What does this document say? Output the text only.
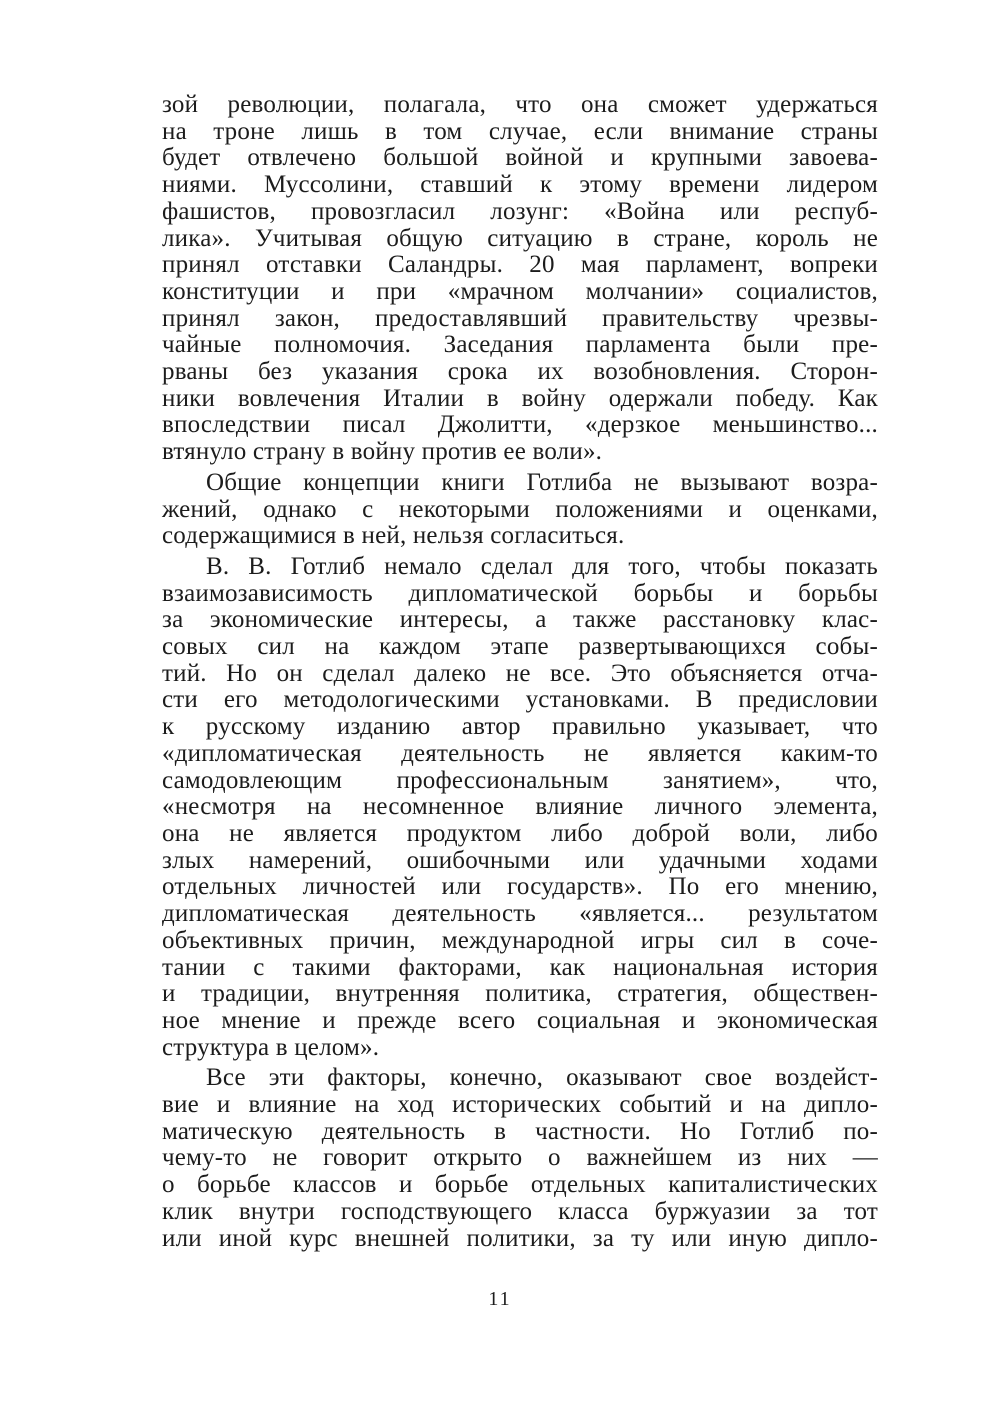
зой революции, полагала, что она сможет удержаться
на троне лишь в том случае, если внимание страны
будет отвлечено большой войной и крупными завоева-
ниями. Муссолини, ставший к этому времени лидером
фашистов, провозгласил лозунг: «Война или респуб-
лика». Учитывая общую ситуацию в стране, король не
принял отставки Саландры. 20 мая парламент, вопреки
конституции и при «мрачном молчании» социалистов,
принял закон, предоставлявший правительству чрезвы-
чайные полномочия. Заседания парламента были пре-
рваны без указания срока их возобновления. Сторон-
ники вовлечения Италии в войну одержали победу. Как
впоследствии писал Джолитти, «дерзкое меньшинство...
втянуло страну в войну против ее воли».
Общие концепции книги Готлиба не вызывают возра-
жений, однако с некоторыми положениями и оценками,
содержащимися в ней, нельзя согласиться.
В. В. Готлиб немало сделал для того, чтобы показать
взаимозависимость дипломатической борьбы и борьбы
за экономические интересы, а также расстановку клас-
совых сил на каждом этапе развертывающихся собы-
тий. Но он сделал далеко не все. Это объясняется отча-
сти его методологическими установками. В предисловии
к русскому изданию автор правильно указывает, что
«дипломатическая деятельность не является каким-то
самодовлеющим профессиональным занятием», что,
«несмотря на несомненное влияние личного элемента,
она не является продуктом либо доброй воли, либо
злых намерений, ошибочными или удачными ходами
отдельных личностей или государств». По его мнению,
дипломатическая деятельность «является... результатом
объективных причин, международной игры сил в соче-
тании с такими факторами, как национальная история
и традиции, внутренняя политика, стратегия, обществен-
ное мнение и прежде всего социальная и экономическая
структура в целом».
Все эти факторы, конечно, оказывают свое воздейст-
вие и влияние на ход исторических событий и на дипло-
матическую деятельность в частности. Но Готлиб по-
чему-то не говорит открыто о важнейшем из них —
о борьбе классов и борьбе отдельных капиталистических
клик внутри господствующего класса буржуазии за тот
или иной курс внешней политики, за ту или иную дипло-
11
